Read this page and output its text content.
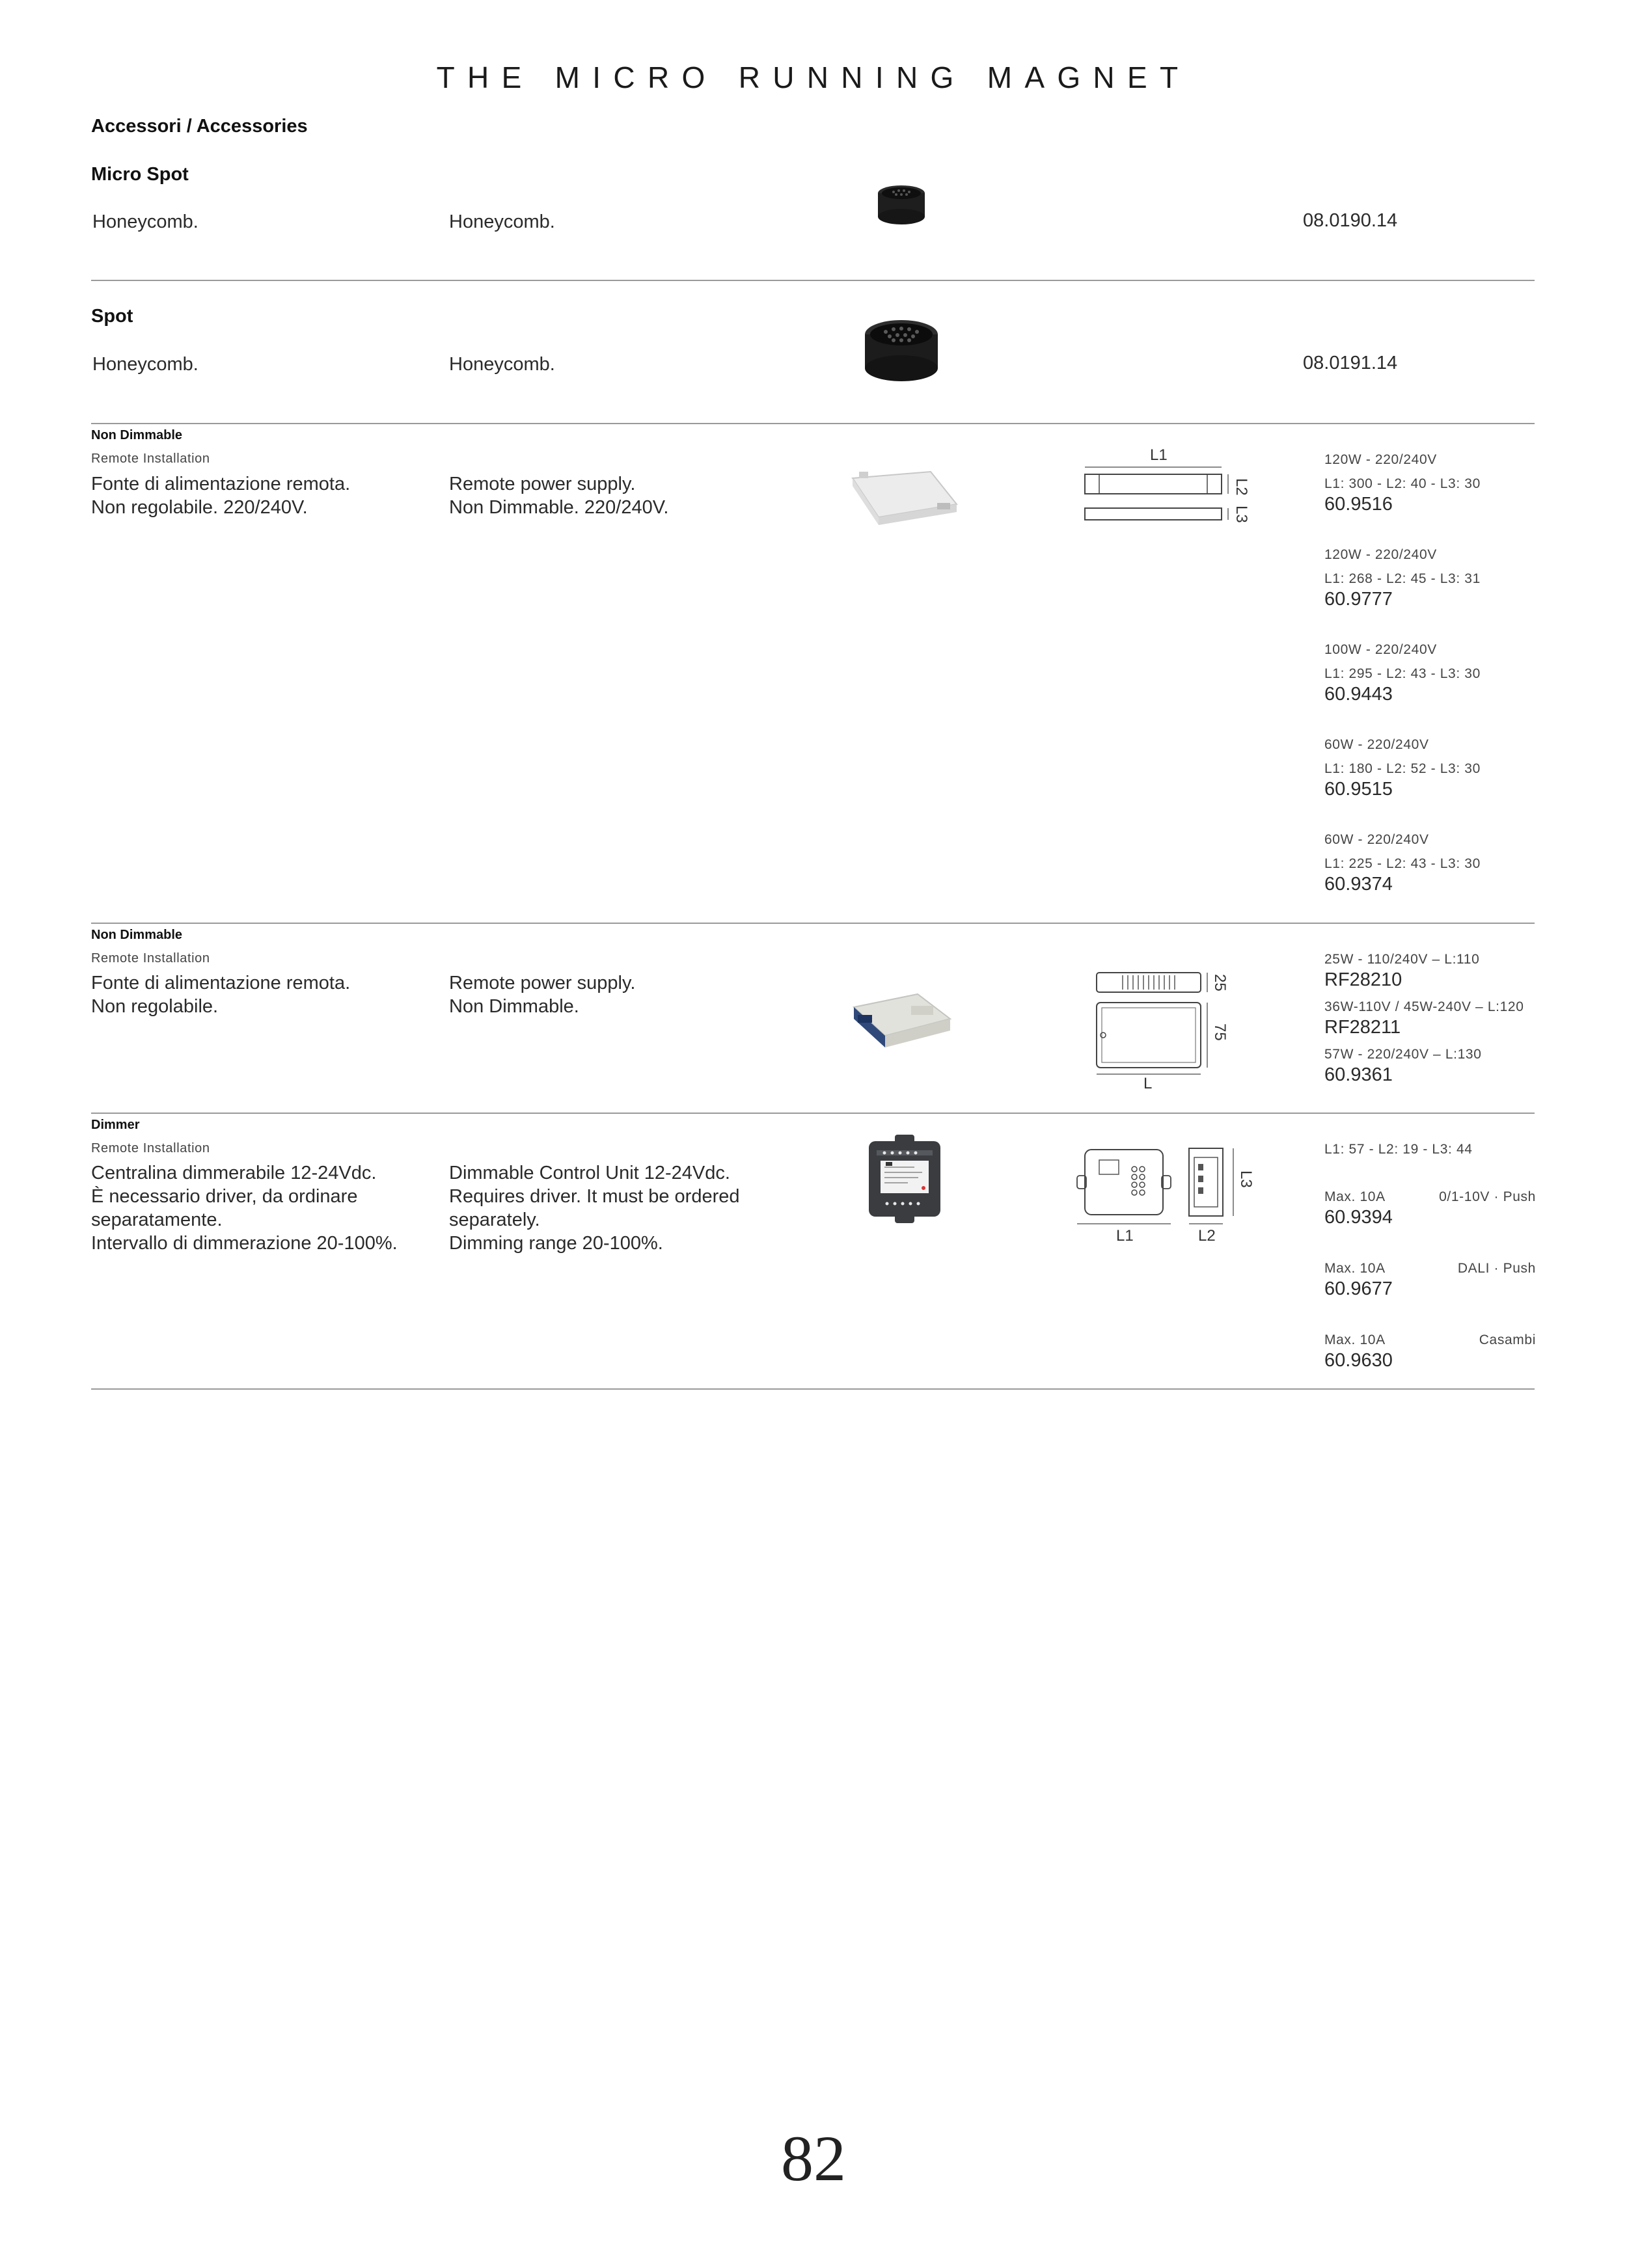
THE MICRO RUNNING MAGNET
Accessori / Accessories
Micro Spot
Honeycomb.	Honeycomb.	08.0190.14
Spot
Honeycomb.	Honeycomb.	08.0191.14
Non Dimmable
Remote Installation
Fonte di alimentazione remota.
Non regolabile. 220/240V.
Remote power supply.
Non Dimmable. 220/240V.
L1
L2
L3
120W - 220/240V
L1: 300 - L2: 40 - L3: 30
60.9516
120W - 220/240V
L1: 268 - L2: 45 - L3: 31
60.9777
100W - 220/240V
L1: 295 - L2: 43 - L3: 30
60.9443
60W - 220/240V
L1: 180 - L2: 52 - L3: 30
60.9515
60W - 220/240V
L1: 225 - L2: 43 - L3: 30
60.9374
Non Dimmable
Remote Installation
Fonte di alimentazione remota.
Non regolabile.
Remote power supply.
Non Dimmable.
25
75
L
25W - 110/240V – L:110
RF28210
36W-110V / 45W-240V – L:120
RF28211
57W - 220/240V – L:130
60.9361
Dimmer
Remote Installation
Centralina dimmerabile 12-24Vdc.
È necessario driver, da ordinare
separatamente.
Intervallo di dimmerazione 20-100%.
Dimmable Control Unit 12-24Vdc.
Requires driver. It must be ordered
separately.
Dimming range 20-100%.	L1	L2
L3
L1: 57 - L2: 19 - L3: 44
Max. 10A	0/1-10V · Push
60.9394
Max. 10A	DALI · Push
60.9677
Max. 10A	Casambi
60.9630
82
